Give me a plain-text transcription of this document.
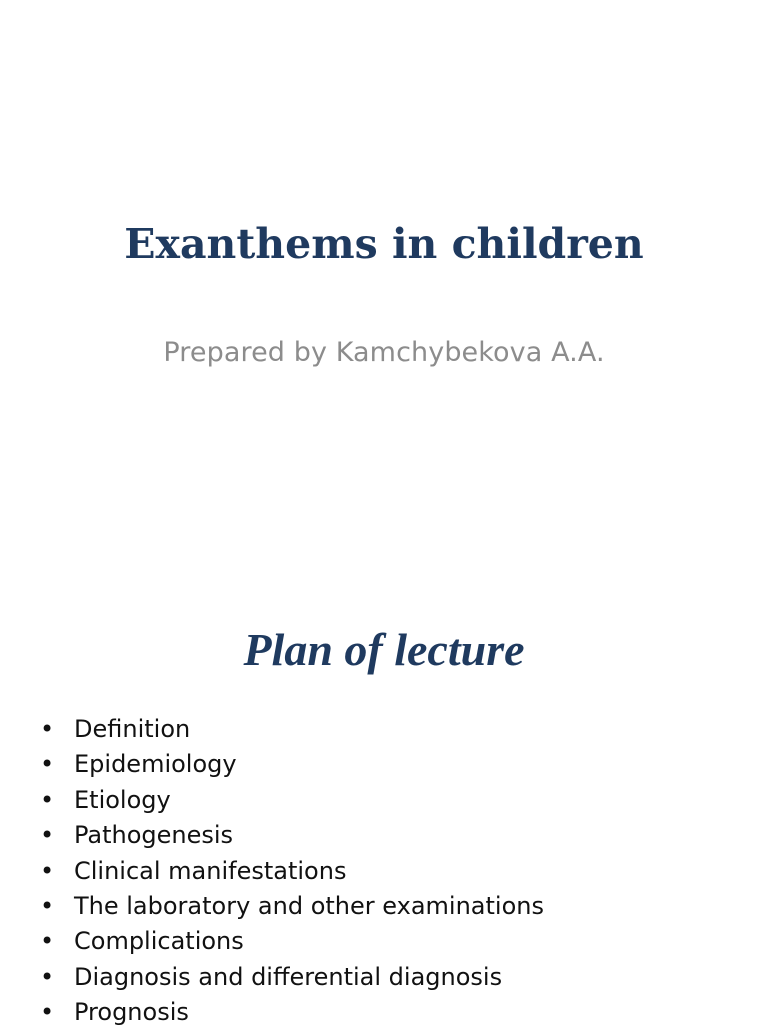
Exanthems in children
Prepared by Kamchybekova A.A.
Plan of lecture
• Definition
• Epidemiology
• Etiology
• Pathogenesis
• Clinical manifestations
• The laboratory and other examinations
• Complications
• Diagnosis and differential diagnosis
• Prognosis
